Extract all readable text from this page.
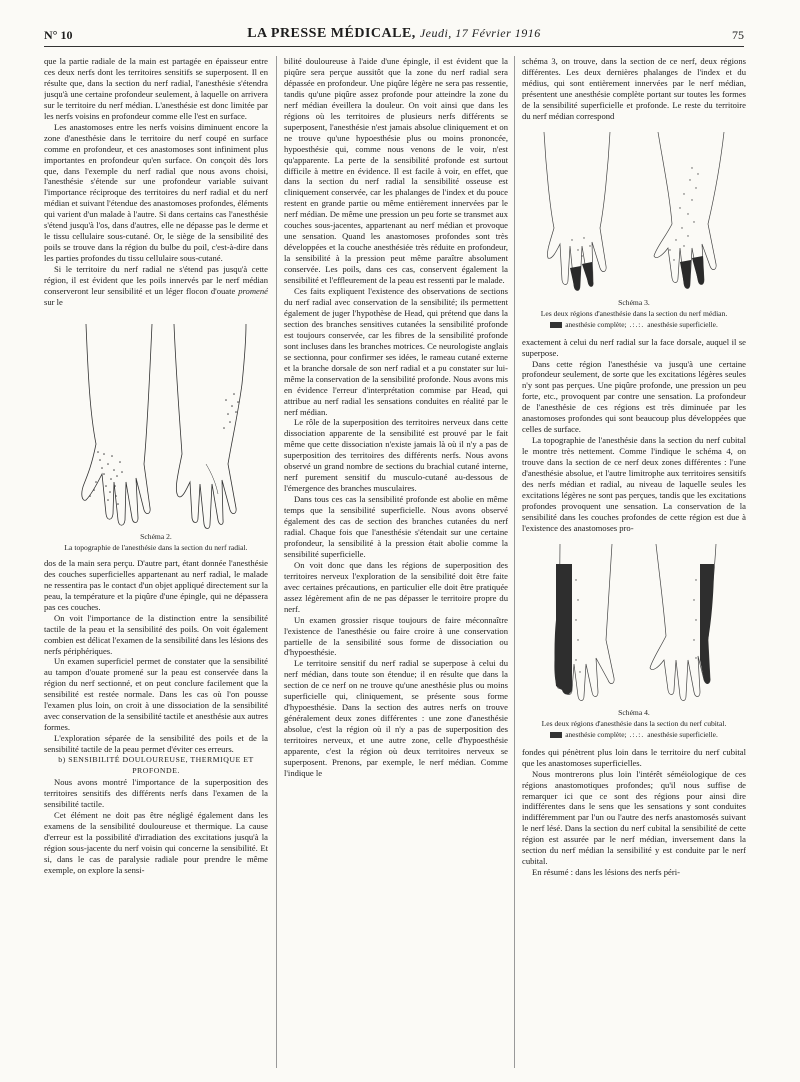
N° 10	LA PRESSE MÉDICALE, Jeudi, 17 Février 1916	75

que la partie radiale de la main est partagée en épaisseur entre ces deux nerfs dont les territoires sensitifs se superposent. Il en résulte que, dans la section du nerf radial, l'anesthésie s'étendra jusqu'à une certaine profondeur seulement, à laquelle on arrivera sur le territoire du nerf médian. L'anesthésie est donc limitée par les nerfs voisins en profondeur comme elle l'est en surface.

Les anastomoses entre les nerfs voisins diminuent encore la zone d'anesthésie dans le territoire du nerf coupé en surface comme en profondeur, et ces anastomoses sont infiniment plus importantes en profondeur qu'en surface. On conçoit dès lors que, dans l'exemple du nerf radial que nous avons choisi, l'anesthésie s'étende sur une profondeur variable suivant l'importance réciproque des territoires du nerf radial et du nerf médian et suivant l'étendue des anastomoses profondes, éléments qui varient d'un malade à l'autre. Si dans certains cas l'anesthésie s'étend jusqu'à l'os, dans d'autres, elle ne dépasse pas le derme et le tissu cellulaire sous-cutané. Or, le siège de la sensibilité des poils se trouve dans la région du bulbe du poil, c'est-à-dire dans les parties profondes du tissu cellulaire sous-cutané.

Si le territoire du nerf radial ne s'étend pas jusqu'à cette région, il est évident que les poils innervés par le nerf médian conserveront leur sensibilité et un léger flocon d'ouate promené sur le

Schéma 2.
La topographie de l'anesthésie dans la section du nerf radial.

dos de la main sera perçu. D'autre part, étant donnée l'anesthésie des couches superficielles appartenant au nerf radial, le malade ne ressentira pas le contact d'un objet appliqué directement sur la peau, la température et la piqûre d'une épingle, qui ne dépassera pas ces couches.

On voit l'importance de la distinction entre la sensibilité tactile de la peau et la sensibilité des poils. On voit également combien est délicat l'examen de la sensibilité dans les lésions des nerfs périphériques.

Un examen superficiel permet de constater que la sensibilité au tampon d'ouate promené sur la peau est conservée dans la région du nerf sectionné, et on peut conclure facilement que la sensibilité est restée normale. Dans les cas où l'on pousse l'examen plus loin, on croit à une dissociation de la sensibilité avec conservation de la sensibilité tactile et anesthésie aux autres formes.

L'exploration séparée de la sensibilité des poils et de la sensibilité tactile de la peau permet d'éviter ces erreurs.

b) SENSIBILITÉ DOULOUREUSE, THERMIQUE ET PROFONDE.

Nous avons montré l'importance de la superposition des territoires sensitifs des différents nerfs dans l'examen de la sensibilité tactile.

Cet élément ne doit pas être négligé également dans les examens de la sensibilité douloureuse et thermique. La cause d'erreur est la possibilité d'irradiation des excitations jusqu'à la région sous-jacente du nerf voisin qui concerne la sensibilité. Et si, dans le cas de paralysie radiale pour prendre le même exemple, on explore la sensi-

bilité douloureuse à l'aide d'une épingle, il est évident que la piqûre sera perçue aussitôt que la zone du nerf radial sera dépassée en profondeur. Une piqûre légère ne sera pas ressentie, tandis qu'une piqûre assez profonde pour atteindre la zone du nerf médian éveillera la douleur. On voit ainsi que dans les régions où les territoires de plusieurs nerfs différents se superposent, l'anesthésie n'est jamais absolue cliniquement et on ne trouve qu'une hypoesthésie plus ou moins prononcée, hypoesthésie qui, comme nous venons de le voir, n'est qu'apparente. La perte de la sensibilité profonde est surtout difficile à mettre en évidence. Il est facile à voir, en effet, que dans la section du nerf radial la sensibilité osseuse est cliniquement conservée, car les phalanges de l'index et du pouce restent en grande partie ou même entièrement innervées par le nerf médian. De même une pression un peu forte se transmet aux couches sous-jacentes, appartenant au nerf médian et provoque une sensation. Quand les anastomoses profondes sont très développées et la couche anesthésiée très réduite en profondeur, la sensibilité à la pression peut même paraître absolument conservée. Les poils, dans ces cas, conservent également la sensibilité et l'effleurement de la peau est ressenti par le malade.

Ces faits expliquent l'existence des observations de sections du nerf radial avec conservation de la sensibilité; ils permettent également de juger l'hypothèse de Head, qui prétend que dans la section des branches sensitives cutanées la sensibilité profonde est toujours conservée, car les fibres de la sensibilité profonde sont incluses dans les branches motrices. Ce neurologiste anglais se sectionna, pour confirmer ses idées, le rameau cutané externe et la branche dorsale de son nerf radial et a pu constater sur lui-même la conservation de la sensibilité profonde. Nous avons mis en évidence l'erreur d'interprétation commise par Head, qui attribue au nerf radial les sensations conduites en réalité par le nerf médian.

Le rôle de la superposition des territoires nerveux dans cette dissociation apparente de la sensibilité est prouvé par le fait même que cette dissociation n'existe jamais là où il n'y a pas de superposition des territoires des différents nerfs. Nous avons observé un grand nombre de sections du brachial cutané interne, nerf purement sensitif du musculo-cutané au-dessous de l'émergence des branches musculaires.

Dans tous ces cas la sensibilité profonde est abolie en même temps que la sensibilité superficielle. Nous avons observé également des cas de section des branches cutanées du nerf radial. Chaque fois que l'anesthésie s'étendait sur une certaine profondeur, la sensibilité à la pression était abolie comme la sensibilité superficielle.

On voit donc que dans les régions de superposition des territoires nerveux l'exploration de la sensibilité doit être faite avec certaines précautions, en particulier elle doit être pratiquée assez légèrement afin de ne pas dépasser le territoire propre du nerf.

Un examen grossier risque toujours de faire méconnaître l'existence de l'anesthésie ou faire croire à une conservation partielle de la sensibilité sous forme de dissociation ou d'hypoesthésie.

Le territoire sensitif du nerf radial se superpose à celui du nerf médian, dans toute son étendue; il en résulte que dans la section de ce nerf on ne trouve qu'une anesthésie plus ou moins superficielle qui, cliniquement, se présente sous forme d'hypoesthésie. Dans la section des autres nerfs on trouve généralement deux zones différentes : une zone d'anesthésie absolue, c'est la région où il n'y a pas de superposition des territoires nerveux, et une autre zone, celle d'hypoesthésie apparente, c'est la région où deux territoires nerveux se superposent. Prenons, par exemple, le nerf médian. Comme l'indique le

schéma 3, on trouve, dans la section de ce nerf, deux régions différentes. Les deux dernières phalanges de l'index et du médius, qui sont entièrement innervées par le nerf médian, présentent une anesthésie complète portant sur toutes les formes de la sensibilité superficielle et profonde. Le reste du territoire du nerf médian correspond

Schéma 3.
Les deux régions d'anesthésie dans la section du nerf médian.
anesthésie complète; .:.:. anesthésie superficielle.

exactement à celui du nerf radial sur la face dorsale, auquel il se superpose.

Dans cette région l'anesthésie va jusqu'à une certaine profondeur seulement, de sorte que les excitations légères seules n'y sont pas perçues. Une piqûre profonde, une pression un peu forte, etc., provoquent par contre une sensation. La profondeur de l'anesthésie de ces régions est très diminuée par les anastomoses profondes qui sont beaucoup plus développées que celles de surface.

La topographie de l'anesthésie dans la section du nerf cubital le montre très nettement. Comme l'indique le schéma 4, on trouve dans la section de ce nerf deux zones différentes : l'une d'anesthésie absolue, et l'autre limitrophe aux territoires sensitifs des nerfs médian et radial, au niveau de laquelle seules les excitations légères ne sont pas perçues, tandis que les excitations profondes provoquent une sensation. La conservation de la sensibilité dans les couches profondes de cette région est due à l'existence des anastomoses pro-

Schéma 4.
Les deux régions d'anesthésie dans la section du nerf cubital.
anesthésie complète; .:.:. anesthésie superficielle.

fondes qui pénètrent plus loin dans le territoire du nerf cubital que les anastomoses superficielles.

Nous montrerons plus loin l'intérêt séméiologique de ces régions anastomotiques profondes; qu'il nous suffise de remarquer ici que ce sont des régions pour ainsi dire indifférentes dans le sens que les sensations y sont conduites indifféremment par l'un ou l'autre des nerfs anastomosés suivant le nerf lésé. Dans la section du nerf cubital la sensibilité de cette région est assurée par le nerf médian, inversement dans la section du nerf médian la sensibilité y est conduite par le nerf cubital.

En résumé : dans les lésions des nerfs péri-
